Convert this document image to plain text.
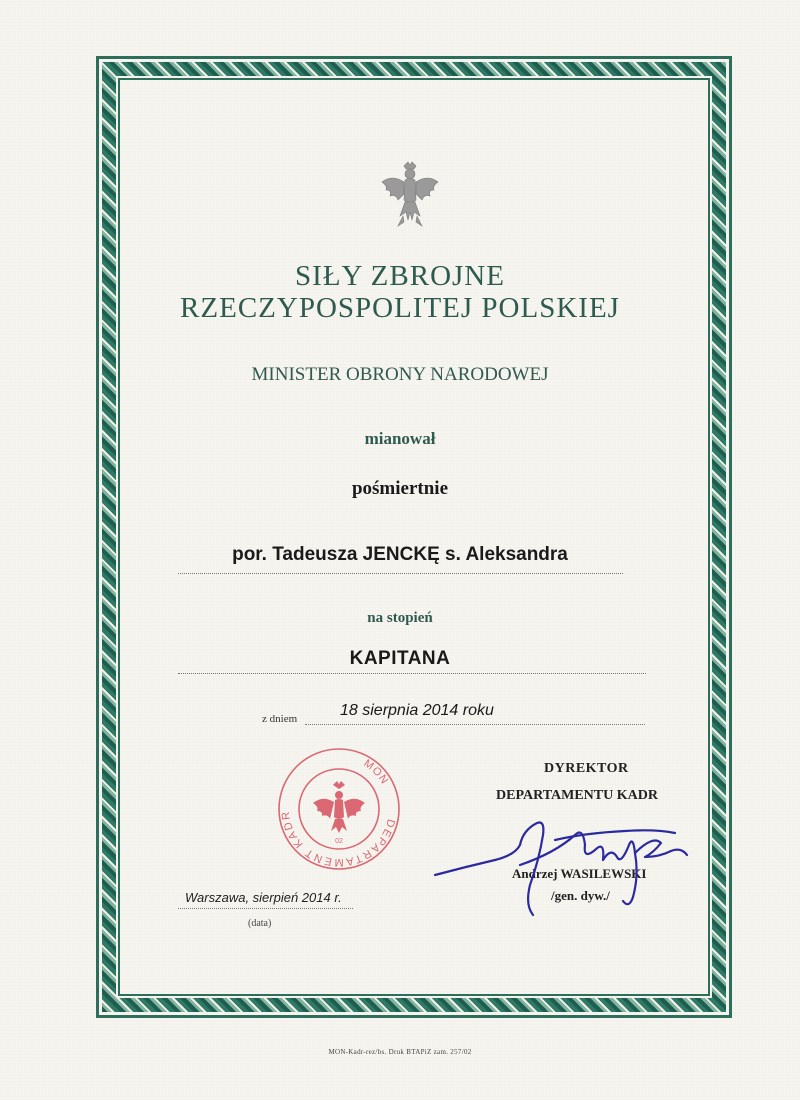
SIŁY ZBROJNE
RZECZYPOSPOLITEJ POLSKIEJ
MINISTER OBRONY NARODOWEJ
mianował
pośmiertnie
por. Tadeusza JENCKĘ s. Aleksandra
na stopień
KAPITANA
z dniem	18 sierpnia 2014 roku
MON
DEPARTAMENT KADR
02
DYREKTOR
DEPARTAMENTU KADR
Andrzej WASILEWSKI
/gen. dyw./
Warszawa, sierpień 2014 r.
(data)
MON-Kadr-rez/bs. Druk BTAPiZ zam. 257/02
